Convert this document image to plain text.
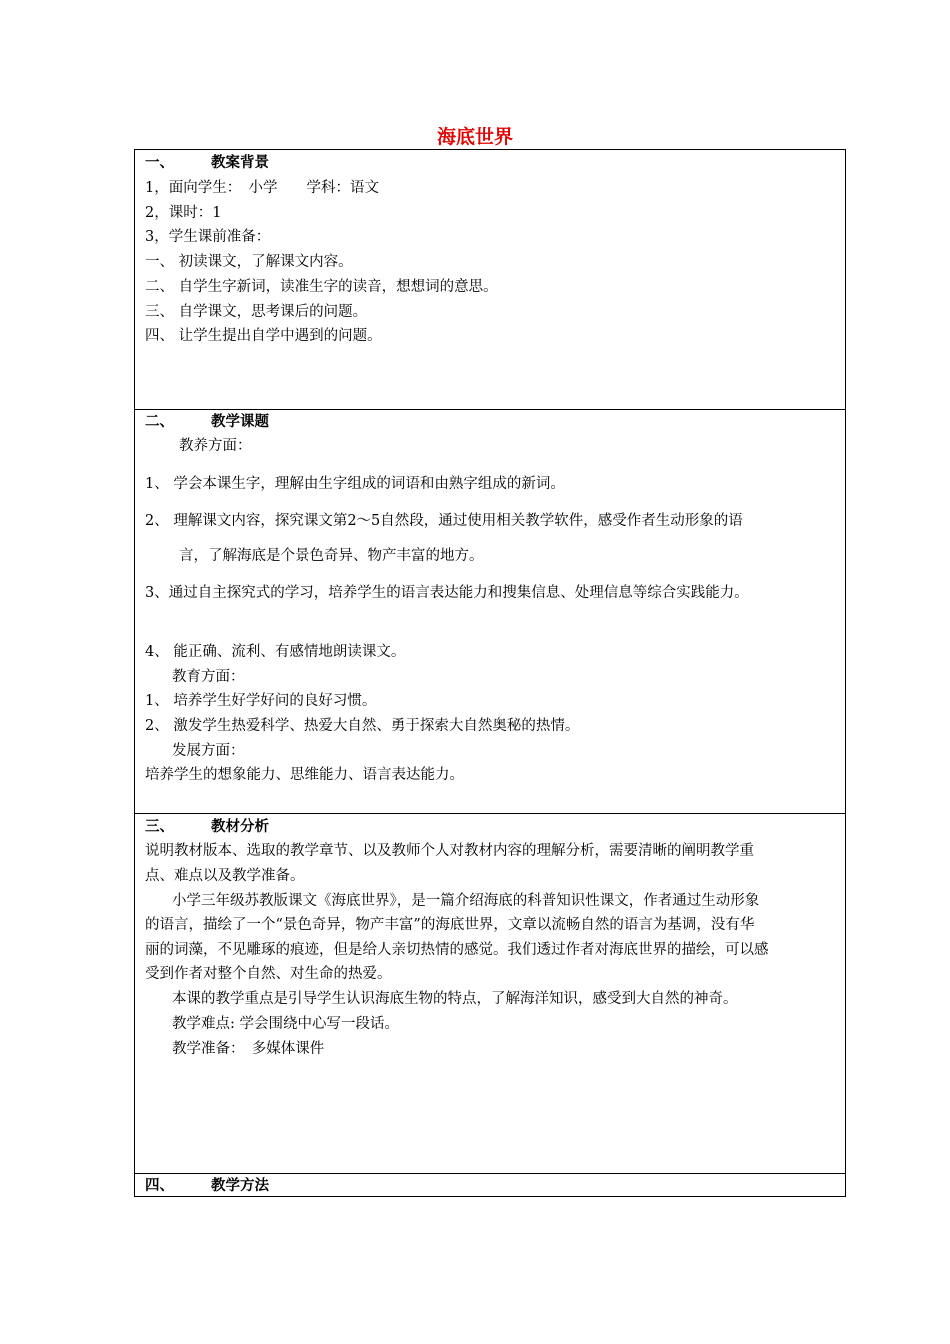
海底世界
一、	教案背景
1，面向学生：　小学　　学科：语文
2，课时：1
3，学生课前准备：
一、 初读课文，了解课文内容。
二、 自学生字新词，读准生字的读音，想想词的意思。
三、 自学课文，思考课后的问题。
四、 让学生提出自学中遇到的问题。
二、	教学课题
教养方面：
1、 学会本课生字，理解由生字组成的词语和由熟字组成的新词。
2、 理解课文内容，探究课文第2～5自然段，通过使用相关教学软件，感受作者生动形象的语
言，了解海底是个景色奇异、物产丰富的地方。
3、通过自主探究式的学习，培养学生的语言表达能力和搜集信息、处理信息等综合实践能力。
4、 能正确、流利、有感情地朗读课文。
教育方面：
1、 培养学生好学好问的良好习惯。
2、 激发学生热爱科学、热爱大自然、勇于探索大自然奥秘的热情。
发展方面：
培养学生的想象能力、思维能力、语言表达能力。
三、	教材分析
说明教材版本、选取的教学章节、以及教师个人对教材内容的理解分析，需要清晰的阐明教学重
点、难点以及教学准备。
小学三年级苏教版课文《海底世界》，是一篇介绍海底的科普知识性课文，作者通过生动形象
的语言，描绘了一个“景色奇异，物产丰富”的海底世界，文章以流畅自然的语言为基调，没有华
丽的词藻，不见雕琢的痕迹，但是给人亲切热情的感觉。我们透过作者对海底世界的描绘，可以感
受到作者对整个自然、对生命的热爱。
本课的教学重点是引导学生认识海底生物的特点，了解海洋知识，感受到大自然的神奇。
教学难点: 学会围绕中心写一段话。
教学准备：　多媒体课件
四、	教学方法
